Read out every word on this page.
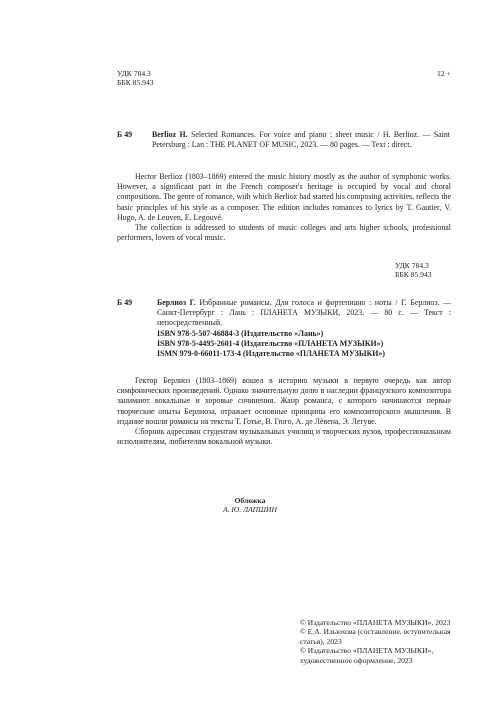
УДК 784.3
ББК 85.943
12 +
Б 49	Berlioz H. Selected Romances. For voice and piano : sheet music / H. Berlioz. — Saint Petersburg : Lan : THE PLANET OF MUSIC, 2023. — 80 pages. — Text : direct.

Hector Berlioz (1803–1869) entered the music history mostly as the author of symphonic works. However, a significant part in the French composer's heritage is occupied by vocal and choral compositions. The genre of romance, with which Berlioz had started his composing activities, reflects the basic principles of his style as a composer. The edition includes romances to lyrics by T. Gautier, V. Hugo, A. de Leuven, E. Legouvé.

The collection is addressed to students of music colleges and arts higher schools, professional performers, lovers of vocal music.

УДК 784.3
ББК 85.943
Б 49	Берлиоз Г. Избранные романсы. Для голоса и фортепиано : ноты / Г. Берлиоз. — Санкт-Петербург : Лань : ПЛАНЕТА МУЗЫКИ, 2023. — 80 с. — Текст : непосредственный.
ISBN 978-5-507-46884-3 (Издательство «Лань»)
ISBN 978-5-4495-2601-4 (Издательство «ПЛАНЕТА МУЗЫКИ»)
ISMN 979-0-66011-173-4 (Издательство «ПЛАНЕТА МУЗЫКИ»)

Гектор Берлиоз (1803–1869) вошел в историю музыки в первую очередь как автор симфонических произведений. Однако значительную долю в наследии французского композитора занимают вокальные и хоровые сочинения. Жанр романса, с которого начинаются первые творческие опыты Берлиоза, отражает основные принципы его композиторского мышления. В издание вошли романсы на тексты Т. Готье, В. Гюго, А. де Лёвена, Э. Легуве.

Сборник адресован студентам музыкальных училищ и творческих вузов, профессиональным исполнителям, любителям вокальной музыки.

Обложка
А. Ю. ЛАПШИН
© Издательство «ПЛАНЕТА МУЗЫКИ», 2023
© Е.А. Ильюхова (составление, вступительная статья), 2023
© Издательство «ПЛАНЕТА МУЗЫКИ», художественное оформление, 2023
